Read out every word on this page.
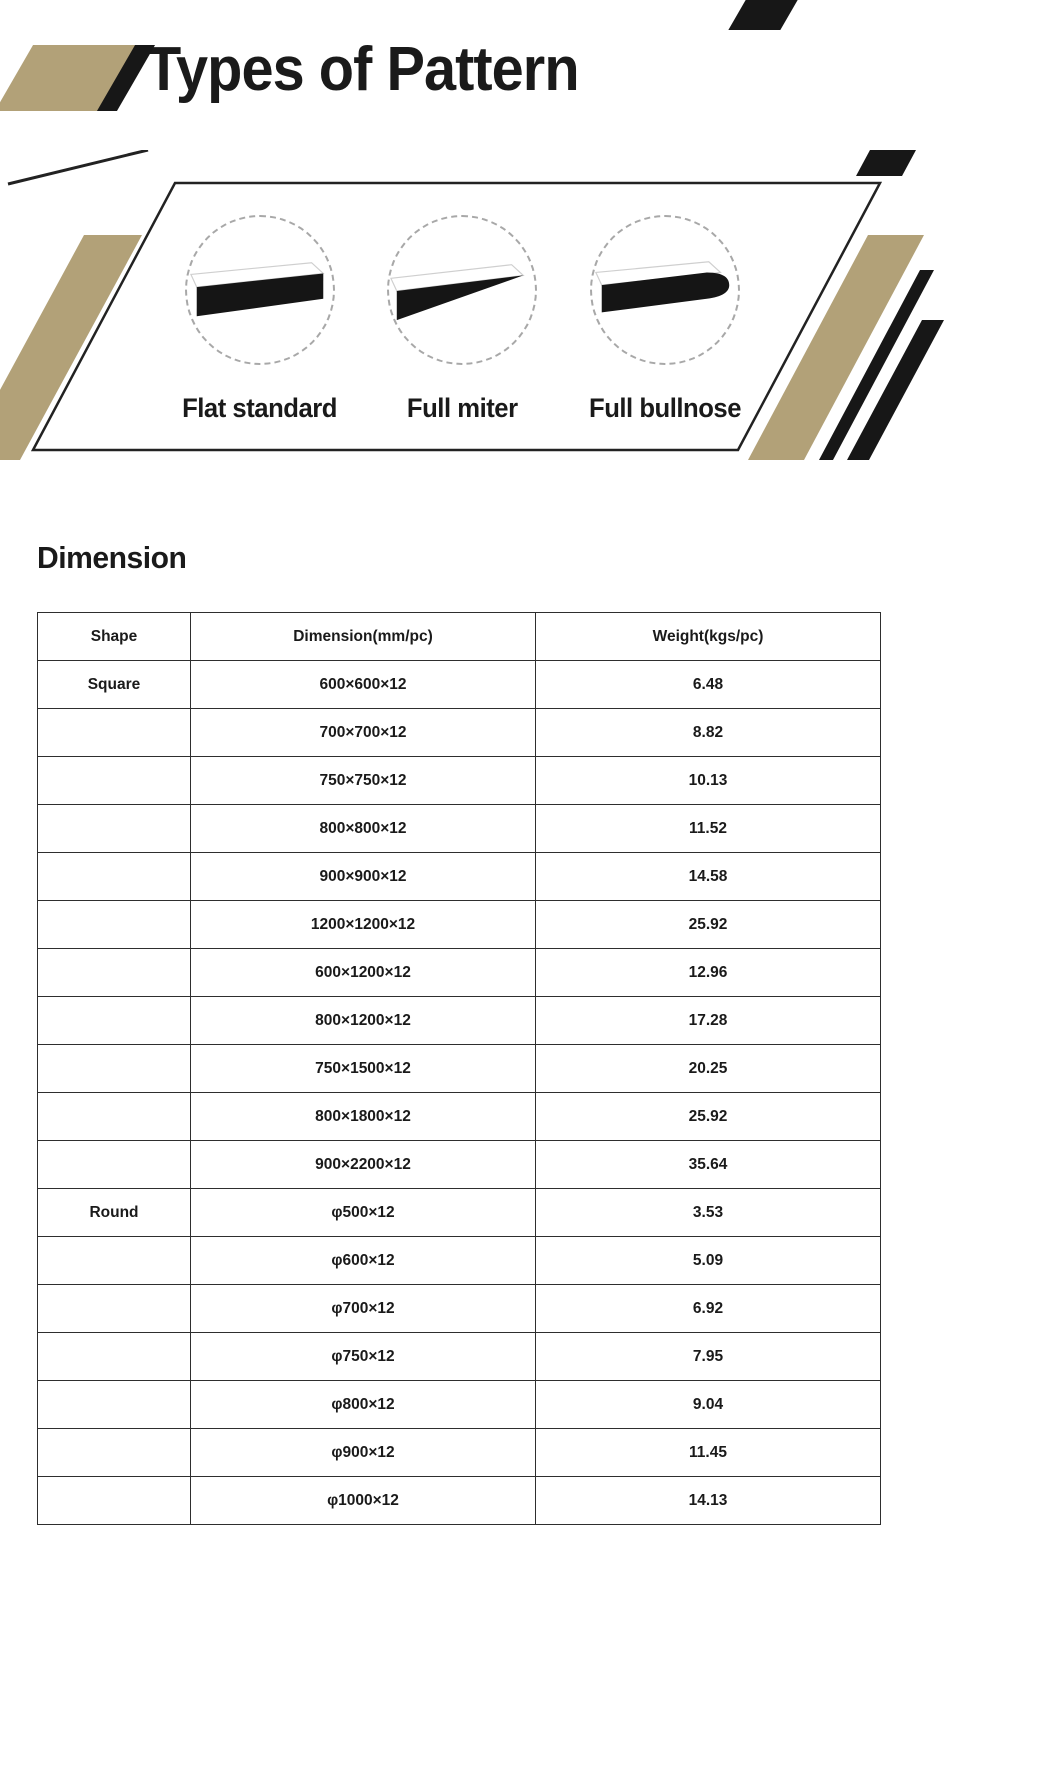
Types of Pattern
Flat standard	Full miter	Full bullnose
Dimension
Shape	Dimension(mm/pc)	Weight(kgs/pc)
Square	600×600×12	6.48
	700×700×12	8.82
	750×750×12	10.13
	800×800×12	11.52
	900×900×12	14.58
	1200×1200×12	25.92
	600×1200×12	12.96
	800×1200×12	17.28
	750×1500×12	20.25
	800×1800×12	25.92
	900×2200×12	35.64
Round	φ500×12	3.53
	φ600×12	5.09
	φ700×12	6.92
	φ750×12	7.95
	φ800×12	9.04
	φ900×12	11.45
	φ1000×12	14.13
